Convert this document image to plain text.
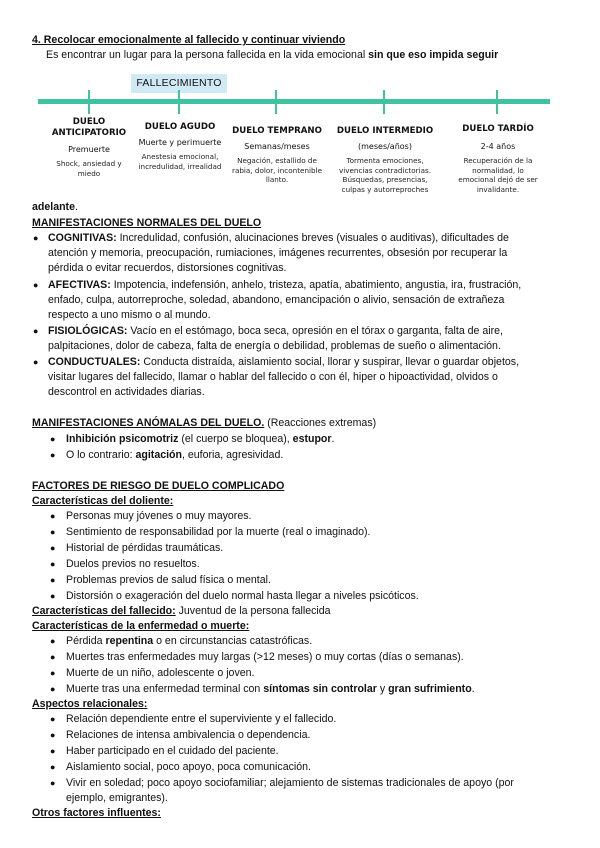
4. Recolocar emocionalmente al fallecido y continuar viviendo
Es encontrar un lugar para la persona fallecida en la vida emocional sin que eso impida seguir
FALLECIMIENTO
DUELO
ANTICIPATORIO
Premuerte
Shock, ansiedad y
miedo
DUELO AGUDO
Muerte y perimuerte
Anestesia emocional,
incredulidad, irrealidad
DUELO TEMPRANO
Semanas/meses
Negación, estallido de
rabia, dolor, incontenible
llanto.
DUELO INTERMEDIO
(meses/años)
Tormenta emociones,
vivencias contradictorias.
Búsquedas, presencias,
culpas y autorreproches
DUELO TARDÍO
2-4 años
Recuperación de la
normalidad, lo
emocional dejó de ser
invalidante.
adelante.
MANIFESTACIONES NORMALES DEL DUELO
● COGNITIVAS: Incredulidad, confusión, alucinaciones breves (visuales o auditivas), dificultades de
atención y memoria, preocupación, rumiaciones, imágenes recurrentes, obsesión por recuperar la
pérdida o evitar recuerdos, distorsiones cognitivas.
● AFECTIVAS: Impotencia, indefensión, anhelo, tristeza, apatía, abatimiento, angustia, ira, frustración,
enfado, culpa, autorreproche, soledad, abandono, emancipación o alivio, sensación de extrañeza
respecto a uno mismo o al mundo.
● FISIOLÓGICAS: Vacío en el estómago, boca seca, opresión en el tórax o garganta, falta de aire,
palpitaciones, dolor de cabeza, falta de energía o debilidad, problemas de sueño o alimentación.
● CONDUCTUALES: Conducta distraída, aislamiento social, llorar y suspirar, llevar o guardar objetos,
visitar lugares del fallecido, llamar o hablar del fallecido o con él, hiper o hipoactividad, olvidos o
descontrol en actividades diarias.
MANIFESTACIONES ANÓMALAS DEL DUELO. (Reacciones extremas)
● Inhibición psicomotriz (el cuerpo se bloquea), estupor.
● O lo contrario: agitación, euforia, agresividad.
FACTORES DE RIESGO DE DUELO COMPLICADO
Características del doliente:
● Personas muy jóvenes o muy mayores.
● Sentimiento de responsabilidad por la muerte (real o imaginado).
● Historial de pérdidas traumáticas.
● Duelos previos no resueltos.
● Problemas previos de salud física o mental.
● Distorsión o exageración del duelo normal hasta llegar a niveles psicóticos.
Características del fallecido: Juventud de la persona fallecida
Características de la enfermedad o muerte:
● Pérdida repentina o en circunstancias catastróficas.
● Muertes tras enfermedades muy largas (>12 meses) o muy cortas (días o semanas).
● Muerte de un niño, adolescente o joven.
● Muerte tras una enfermedad terminal con síntomas sin controlar y gran sufrimiento.
Aspectos relacionales:
● Relación dependiente entre el superviviente y el fallecido.
● Relaciones de intensa ambivalencia o dependencia.
● Haber participado en el cuidado del paciente.
● Aislamiento social, poco apoyo, poca comunicación.
● Vivir en soledad; poco apoyo sociofamiliar; alejamiento de sistemas tradicionales de apoyo (por
ejemplo, emigrantes).
Otros factores influentes:
